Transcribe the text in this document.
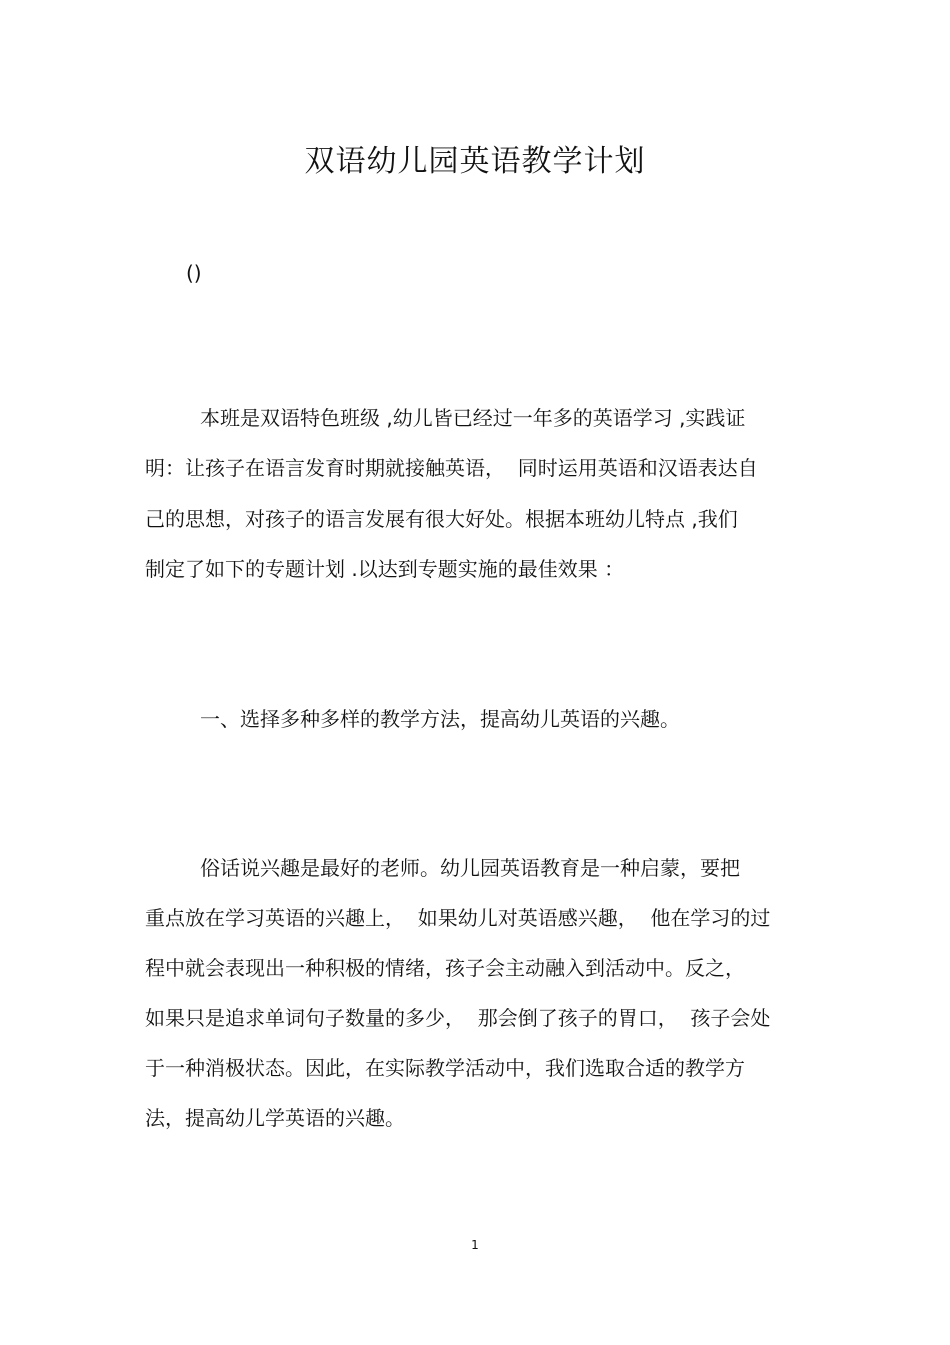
双语幼儿园英语教学计划
()
本班是双语特色班级 ,幼儿皆已经过一年多的英语学习 ,实践证
明：让孩子在语言发育时期就接触英语，  同时运用英语和汉语表达自
己的思想，对孩子的语言发展有很大好处。根据本班幼儿特点 ,我们
制定了如下的专题计划 .以达到专题实施的最佳效果 ：
一、选择多种多样的教学方法，提高幼儿英语的兴趣。
俗话说兴趣是最好的老师。幼儿园英语教育是一种启蒙，要把
重点放在学习英语的兴趣上，  如果幼儿对英语感兴趣，  他在学习的过
程中就会表现出一种积极的情绪，孩子会主动融入到活动中。反之，
如果只是追求单词句子数量的多少，  那会倒了孩子的胃口，  孩子会处
于一种消极状态。因此，在实际教学活动中，我们选取合适的教学方
法，提高幼儿学英语的兴趣。
1
